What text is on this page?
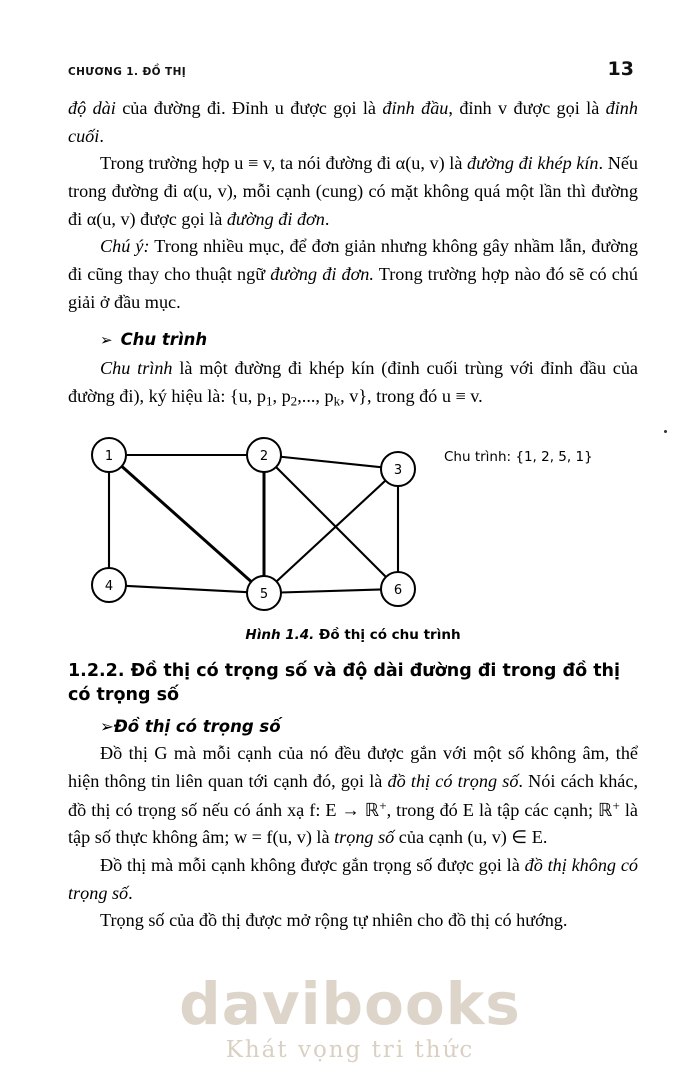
CHƯƠNG 1. ĐỒ THỊ	13

độ dài của đường đi. Đỉnh u được gọi là đỉnh đầu, đỉnh v được gọi là đỉnh cuối.

Trong trường hợp u ≡ v, ta nói đường đi α(u, v) là đường đi khép kín. Nếu trong đường đi α(u, v), mỗi cạnh (cung) có mặt không quá một lần thì đường đi α(u, v) được gọi là đường đi đơn.

Chú ý: Trong nhiều mục, để đơn giản nhưng không gây nhầm lẫn, đường đi cũng thay cho thuật ngữ đường đi đơn. Trong trường hợp nào đó sẽ có chú giải ở đầu mục.

➢ Chu trình

Chu trình là một đường đi khép kín (đỉnh cuối trùng với đỉnh đầu của đường đi), ký hiệu là: {u, $p_1$, $p_2$,..., $p_k$, v}, trong đó u ≡ v.

1	2
3
4
5	6
Chu trình: {1, 2, 5, 1}
Hình 1.4. Đồ thị có chu trình
1.2.2. Đồ thị có trọng số và độ dài đường đi trong đồ thị có trọng số
➢Đồ thị có trọng số

Đồ thị G mà mỗi cạnh của nó đều được gắn với một số không âm, thể hiện thông tin liên quan tới cạnh đó, gọi là đồ thị có trọng số. Nói cách khác, đồ thị có trọng số nếu có ánh xạ f: E → ℝ+, trong đó E là tập các cạnh; ℝ+ là tập số thực không âm; w = f(u, v) là trọng số của cạnh (u, v) ∈ E.

Đồ thị mà mỗi cạnh không được gắn trọng số được gọi là đồ thị không có trọng số.

Trọng số của đồ thị được mở rộng tự nhiên cho đồ thị có hướng.

davibooks
Khát vọng tri thức
